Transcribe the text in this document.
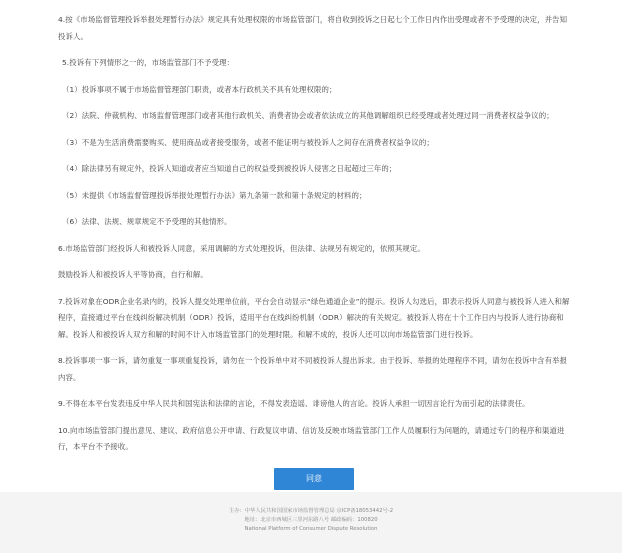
4.按《市场监督管理投诉举报处理暂行办法》规定具有处理权限的市场监管部门，将自收到投诉之日起七个工作日内作出受理或者不予受理的决定，并告知投诉人。

5.投诉有下列情形之一的，市场监管部门不予受理：

（1）投诉事项不属于市场监督管理部门职责，或者本行政机关不具有处理权限的；

（2）法院、仲裁机构、市场监督管理部门或者其他行政机关、消费者协会或者依法成立的其他调解组织已经受理或者处理过同一消费者权益争议的；

（3）不是为生活消费需要购买、使用商品或者接受服务，或者不能证明与被投诉人之间存在消费者权益争议的；

（4）除法律另有规定外，投诉人知道或者应当知道自己的权益受到被投诉人侵害之日起超过三年的；

（5）未提供《市场监督管理投诉举报处理暂行办法》第九条第一款和第十条规定的材料的；

（6）法律、法规、规章规定不予受理的其他情形。

6.市场监管部门经投诉人和被投诉人同意，采用调解的方式处理投诉，但法律、法规另有规定的，依照其规定。

鼓励投诉人和被投诉人平等协商，自行和解。

7.投诉对象在ODR企业名录内的，投诉人提交处理单位前，平台会自动显示“绿色通道企业”的提示。投诉人勾选后，即表示投诉人同意与被投诉人进入和解程序，直接通过平台在线纠纷解决机制（ODR）投诉，适用平台在线纠纷机制（ODR）解决的有关规定。被投诉人将在十个工作日内与投诉人进行协商和解。投诉人和被投诉人双方和解的时间不计入市场监管部门的处理时限。和解不成的，投诉人还可以向市场监管部门进行投诉。

8.投诉事项一事一诉，请勿重复一事项重复投诉，请勿在一个投诉单中对不同被投诉人提出诉求。由于投诉、举报的处理程序不同，请勿在投诉中含有举报内容。

9.不得在本平台发表违反中华人民共和国宪法和法律的言论，不得发表造谣、诽谤他人的言论。投诉人承担一切因言论行为而引起的法律责任。

10.向市场监管部门提出意见、建议、政府信息公开申请、行政复议申请、信访及反映市场监管部门工作人员履职行为问题的，请通过专门的程序和渠道进行，本平台不予接收。

同意
主办：中华人民共和国国家市场监督管理总局 京ICP备18053442号-2
地址：北京市西城区三里河东路八号 邮政编码：100820
National Platform of Consumer Dispute Resolution
